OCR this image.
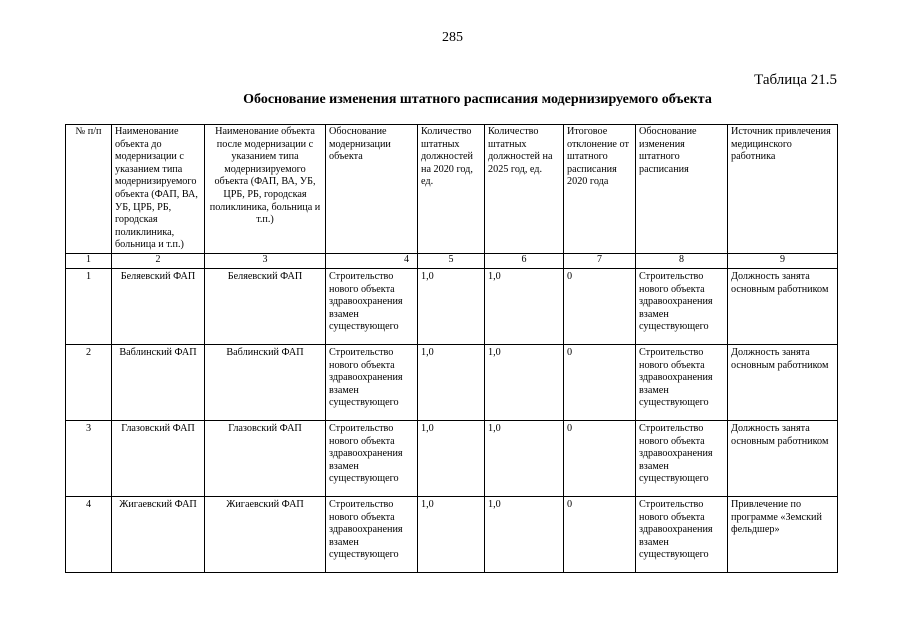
285
Таблица 21.5
Обоснование изменения штатного расписания модернизируемого объекта
№ п/п	Наименование объекта до модернизации с указанием типа модернизируемого объекта (ФАП, ВА, УБ, ЦРБ, РБ, городская поликлиника, больница и т.п.)	Наименование объекта после модернизации с указанием типа модернизируемого объекта (ФАП, ВА, УБ, ЦРБ, РБ, городская поликлиника, больница и т.п.)	Обоснование модернизации объекта	Количество штатных должностей на 2020 год, ед.	Количество штатных должностей на 2025 год, ед.	Итоговое отклонение от штатного расписания 2020 года	Обоснование изменения штатного расписания	Источник привлечения медицинского работника
1	2	3	4	5	6	7	8	9
1	Беляевский ФАП	Беляевский ФАП	Строительство нового объекта здравоохранения взамен существующего	1,0	1,0	0	Строительство нового объекта здравоохранения взамен существующего	Должность занята основным работником
2	Ваблинский ФАП	Ваблинский ФАП	Строительство нового объекта здравоохранения взамен существующего	1,0	1,0	0	Строительство нового объекта здравоохранения взамен существующего	Должность занята основным работником
3	Глазовский ФАП	Глазовский ФАП	Строительство нового объекта здравоохранения взамен существующего	1,0	1,0	0	Строительство нового объекта здравоохранения взамен существующего	Должность занята основным работником
4	Жигаевский ФАП	Жигаевский ФАП	Строительство нового объекта здравоохранения взамен существующего	1,0	1,0	0	Строительство нового объекта здравоохранения взамен существующего	Привлечение по программе «Земский фельдшер»
